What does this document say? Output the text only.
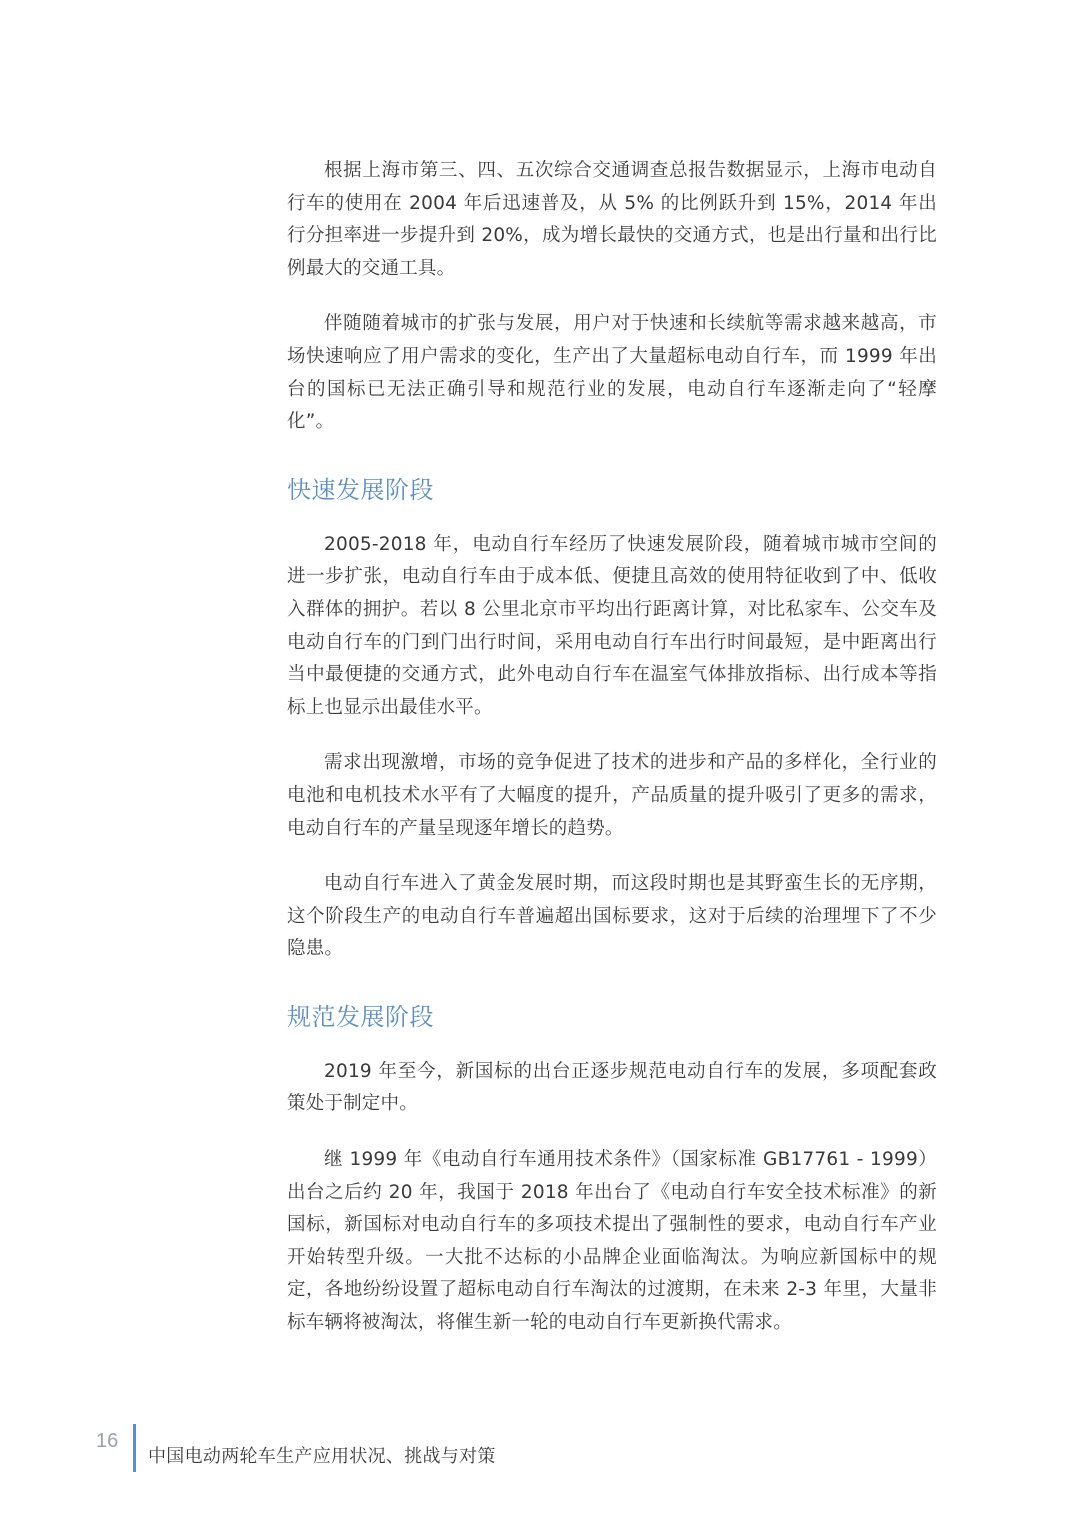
根据上海市第三、四、五次综合交通调查总报告数据显示，上海市电动自行车的使用在 2004 年后迅速普及，从 5% 的比例跃升到 15%，2014 年出行分担率进一步提升到 20%，成为增长最快的交通方式，也是出行量和出行比例最大的交通工具。

伴随随着城市的扩张与发展，用户对于快速和长续航等需求越来越高，市场快速响应了用户需求的变化，生产出了大量超标电动自行车，而 1999 年出台的国标已无法正确引导和规范行业的发展，电动自行车逐渐走向了“轻摩化”。

快速发展阶段

2005-2018 年，电动自行车经历了快速发展阶段，随着城市城市空间的进一步扩张，电动自行车由于成本低、便捷且高效的使用特征收到了中、低收入群体的拥护。若以 8 公里北京市平均出行距离计算，对比私家车、公交车及电动自行车的门到门出行时间，采用电动自行车出行时间最短，是中距离出行当中最便捷的交通方式，此外电动自行车在温室气体排放指标、出行成本等指标上也显示出最佳水平。

需求出现激增，市场的竞争促进了技术的进步和产品的多样化，全行业的电池和电机技术水平有了大幅度的提升，产品质量的提升吸引了更多的需求，电动自行车的产量呈现逐年增长的趋势。

电动自行车进入了黄金发展时期，而这段时期也是其野蛮生长的无序期，这个阶段生产的电动自行车普遍超出国标要求，这对于后续的治理埋下了不少隐患。

规范发展阶段

2019 年至今，新国标的出台正逐步规范电动自行车的发展，多项配套政策处于制定中。

继 1999 年《电动自行车通用技术条件》（国家标准 GB17761 - 1999）出台之后约 20 年，我国于 2018 年出台了《电动自行车安全技术标准》的新国标，新国标对电动自行车的多项技术提出了强制性的要求，电动自行车产业开始转型升级。一大批不达标的小品牌企业面临淘汰。为响应新国标中的规定，各地纷纷设置了超标电动自行车淘汰的过渡期，在未来 2-3 年里，大量非标车辆将被淘汰，将催生新一轮的电动自行车更新换代需求。

16
中国电动两轮车生产应用状况、挑战与对策
